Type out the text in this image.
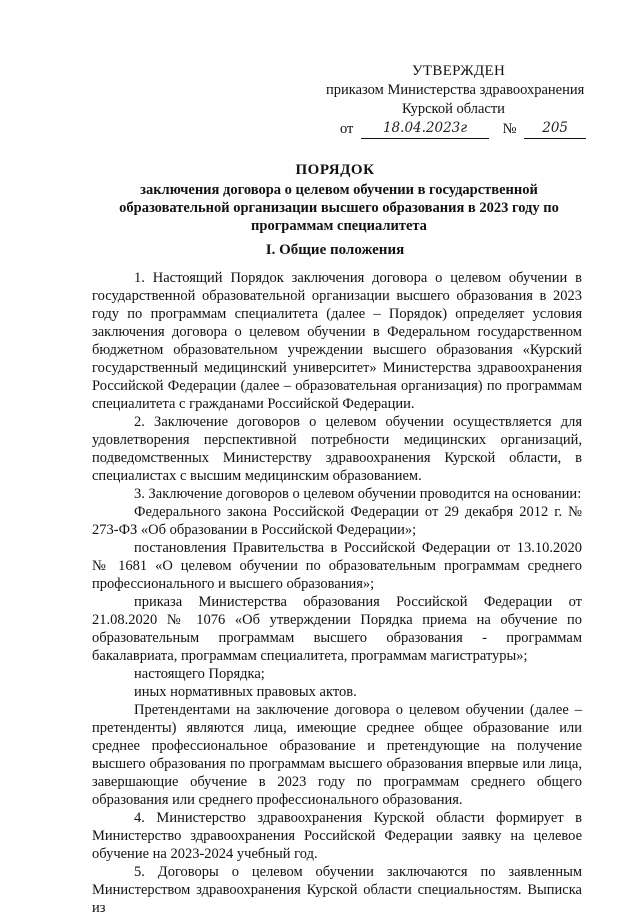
УТВЕРЖДЕН
приказом Министерства здравоохранения
Курской области
от 18.04.2023г № 205
ПОРЯДОК
заключения договора о целевом обучении в государственной образовательной организации высшего образования в 2023 году по программам специалитета
I. Общие положения

1. Настоящий Порядок заключения договора о целевом обучении в государственной образовательной организации высшего образования в 2023 году по программам специалитета (далее – Порядок) определяет условия заключения договора о целевом обучении в Федеральном государственном бюджетном образовательном учреждении высшего образования «Курский государственный медицинский университет» Министерства здравоохранения Российской Федерации (далее – образовательная организация) по программам специалитета с гражданами Российской Федерации.

2. Заключение договоров о целевом обучении осуществляется для удовлетворения перспективной потребности медицинских организаций, подведомственных Министерству здравоохранения Курской области, в специалистах с высшим медицинским образованием.

3. Заключение договоров о целевом обучении проводится на основании:

Федерального закона Российской Федерации от 29 декабря 2012 г. № 273-ФЗ «Об образовании в Российской Федерации»;

постановления Правительства в Российской Федерации от 13.10.2020 № 1681 «О целевом обучении по образовательным программам среднего профессионального и высшего образования»;

приказа Министерства образования Российской Федерации от 21.08.2020 № 1076 «Об утверждении Порядка приема на обучение по образовательным программам высшего образования - программам бакалавриата, программам специалитета, программам магистратуры»;

настоящего Порядка;

иных нормативных правовых актов.

Претендентами на заключение договора о целевом обучении (далее – претенденты) являются лица, имеющие среднее общее образование или среднее профессиональное образование и претендующие на получение высшего образования по программам высшего образования впервые или лица, завершающие обучение в 2023 году по программам среднего общего образования или среднего профессионального образования.

4. Министерство здравоохранения Курской области формирует в Министерство здравоохранения Российской Федерации заявку на целевое обучение на 2023-2024 учебный год.

5. Договоры о целевом обучении заключаются по заявленным Министерством здравоохранения Курской области специальностям. Выписка из
